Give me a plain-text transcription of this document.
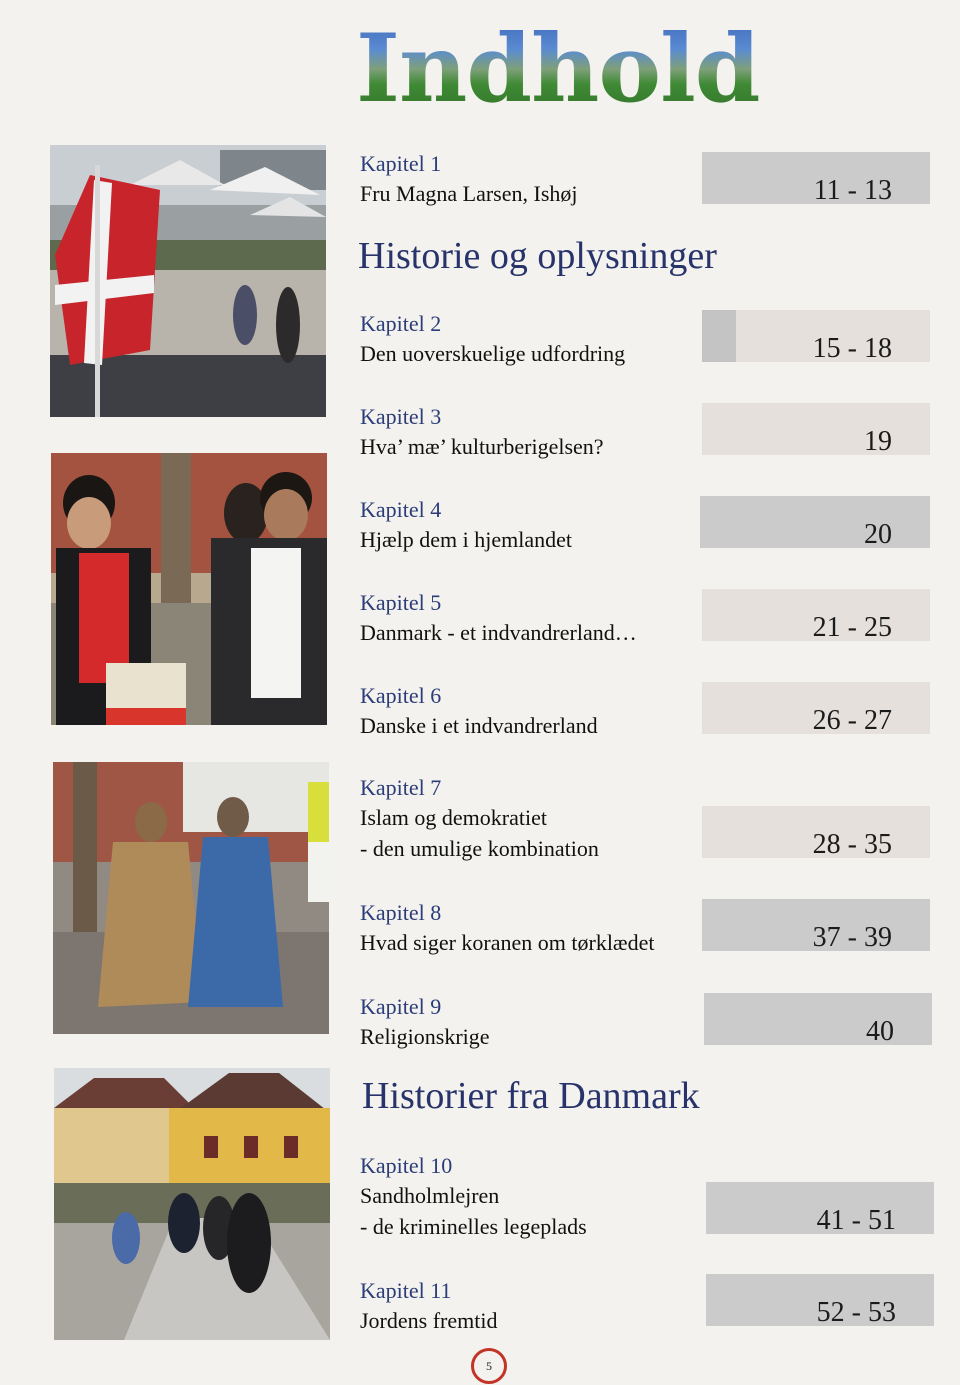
Indhold
Historie og oplysninger
Historier fra Danmark
Kapitel 1
Fru Magna Larsen, Ishøj	11 - 13
Kapitel 2
Den uoverskuelige udfordring	15 - 18
Kapitel 3
Hva’ mæ’ kulturberigelsen?	19
Kapitel 4
Hjælp dem i hjemlandet	20
Kapitel 5
Danmark - et indvandrerland…	21 - 25
Kapitel 6
Danske i et indvandrerland	26 - 27
Kapitel 7
Islam og demokratiet
- den umulige kombination	28 - 35
Kapitel 8
Hvad siger koranen om tørklædet	37 - 39
Kapitel 9
Religionskrige	40
Kapitel 10
Sandholmlejren
- de kriminelles legeplads	41 - 51
Kapitel 11
Jordens fremtid	52 - 53
5
